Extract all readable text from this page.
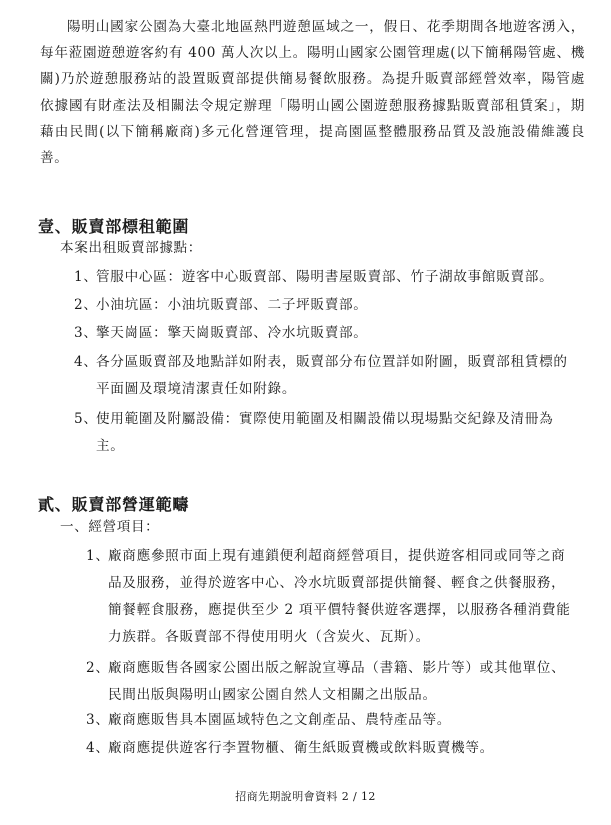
陽明山國家公園為大臺北地區熱門遊憩區域之一，假日、花季期間各地遊客湧入，每年蒞園遊憩遊客約有 400 萬人次以上。陽明山國家公園管理處(以下簡稱陽管處、機關)乃於遊憩服務站的設置販賣部提供簡易餐飲服務。為提升販賣部經營效率，陽管處依據國有財產法及相關法令規定辦理「陽明山國公園遊憩服務據點販賣部租賃案」，期藉由民間(以下簡稱廠商)多元化營運管理，提高園區整體服務品質及設施設備維護良善。

壹、販賣部標租範圍

本案出租販賣部據點：

1、
管服中心區：遊客中心販賣部、陽明書屋販賣部、竹子湖故事館販賣部。
2、
小油坑區：小油坑販賣部、二子坪販賣部。
3、
擎天崗區：擎天崗販賣部、冷水坑販賣部。
4、
各分區販賣部及地點詳如附表，販賣部分布位置詳如附圖，販賣部租賃標的平面圖及環境清潔責任如附錄。
5、
使用範圍及附屬設備：實際使用範圍及相關設備以現場點交紀錄及清冊為主。
貳、販賣部營運範疇

一、經營項目：

1、
廠商應參照市面上現有連鎖便利超商經營項目，提供遊客相同或同等之商品及服務，並得於遊客中心、冷水坑販賣部提供簡餐、輕食之供餐服務，簡餐輕食服務，應提供至少 2 項平價特餐供遊客選擇，以服務各種消費能力族群。各販賣部不得使用明火（含炭火、瓦斯）。
2、
廠商應販售各國家公園出版之解說宣導品（書籍、影片等）或其他單位、民間出版與陽明山國家公園自然人文相關之出版品。
3、
廠商應販售具本園區域特色之文創產品、農特產品等。
4、
廠商應提供遊客行李置物櫃、衛生紙販賣機或飲料販賣機等。
招商先期說明會資料 2 / 12
